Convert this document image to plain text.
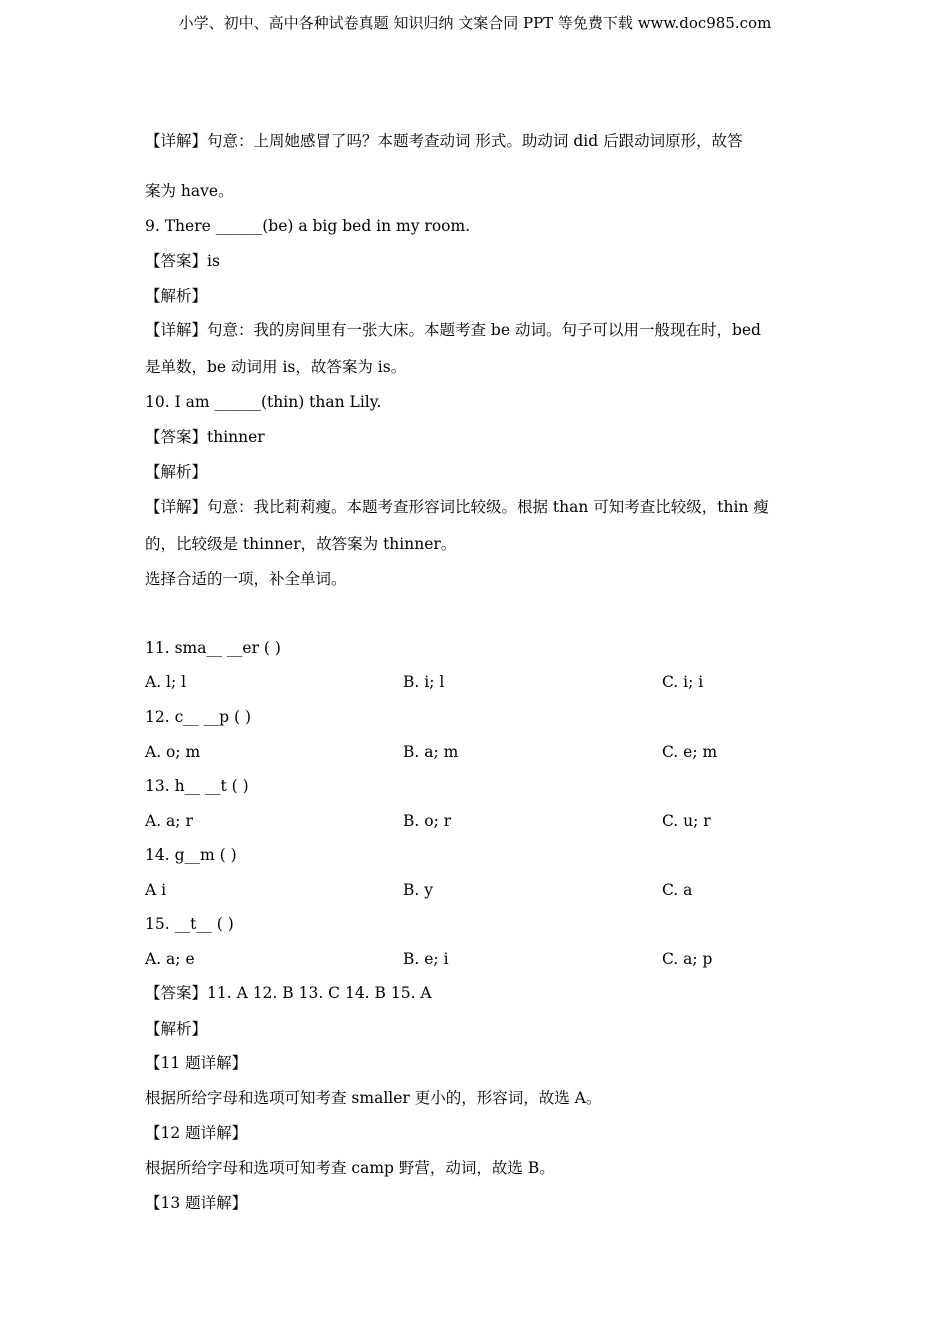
小学、初中、高中各种试卷真题 知识归纳 文案合同 PPT 等免费下载 www.doc985.com
【详解】句意：上周她感冒了吗？本题考查动词 形式。助动词 did 后跟动词原形，故答
案为 have。
9. There ______(be) a big bed in my room.
【答案】is
【解析】
【详解】句意：我的房间里有一张大床。本题考查 be 动词。句子可以用一般现在时，bed
是单数，be 动词用 is，故答案为 is。
10. I am ______(thin) than Lily.
【答案】thinner
【解析】
【详解】句意：我比莉莉瘦。本题考查形容词比较级。根据 than 可知考查比较级，thin 瘦
的，比较级是 thinner，故答案为 thinner。
选择合适的一项，补全单词。
11. sma__ __er ( )
A. l; l	B. i; l	C. i; i
12. c__ __p ( )
A. o; m	B. a; m	C. e; m
13. h__ __t ( )
A. a; r	B. o; r	C. u; r
14. g__m ( )
A i	B. y	C. a
15. __t__ ( )
A. a; e	B. e; i	C. a; p
【答案】11. A 12. B 13. C 14. B 15. A
【解析】
【11 题详解】
根据所给字母和选项可知考查 smaller 更小的，形容词，故选 A。
【12 题详解】
根据所给字母和选项可知考查 camp 野营，动词，故选 B。
【13 题详解】
